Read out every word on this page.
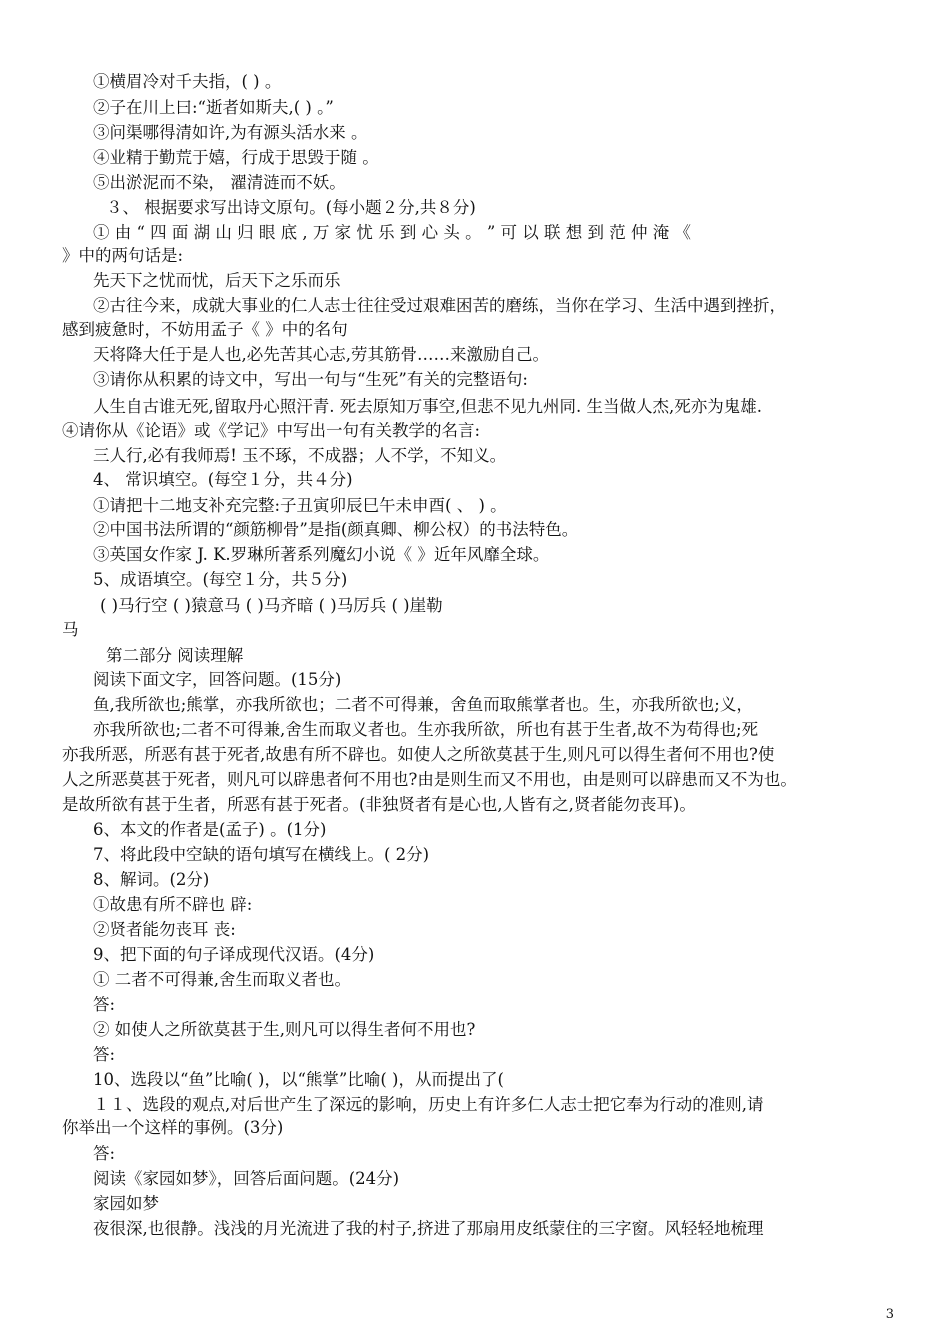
①横眉冷对千夫指，( ) 。
②子在川上曰:“逝者如斯夫,( ) 。”
③问渠哪得清如许,为有源头活水来 。
④业精于勤荒于嬉，行成于思毁于随 。
⑤出淤泥而不染， 濯清涟而不妖。
３、 根据要求写出诗文原句。(每小题２分,共８分)
① 由 “ 四 面 湖 山 归 眼 底 , 万 家 忧 乐 到 心 头 。 ” 可 以 联 想 到 范 仲 淹 《
》中的两句话是:
先天下之忧而忧，后天下之乐而乐
②古往今来，成就大事业的仁人志士往往受过艰难困苦的磨练，当你在学习、生活中遇到挫折，
感到疲惫时，不妨用孟子《 》中的名句
天将降大任于是人也,必先苦其心志,劳其筋骨……来激励自己。
③请你从积累的诗文中，写出一句与“生死”有关的完整语句:
人生自古谁无死,留取丹心照汗青. 死去原知万事空,但悲不见九州同. 生当做人杰,死亦为鬼雄.
④请你从《论语》或《学记》中写出一句有关教学的名言:
三人行,必有我师焉! 玉不琢，不成器；人不学，不知义。
4、 常识填空。(每空１分，共４分)
①请把十二地支补充完整:子丑寅卯辰巳午未申酉( 、 ) 。
②中国书法所谓的“颜筋柳骨”是指(颜真卿、柳公权）的书法特色。
③英国女作家 J. K.罗琳所著系列魔幻小说《 》近年风靡全球。
5、成语填空。(每空１分，共５分)
( )马行空 ( )猿意马 ( )马齐暗 ( )马厉兵 ( )崖勒
马
第二部分 阅读理解
阅读下面文字，回答问题。(15分)
鱼,我所欲也;熊掌，亦我所欲也；二者不可得兼，舍鱼而取熊掌者也。生，亦我所欲也;义，
亦我所欲也;二者不可得兼,舍生而取义者也。生亦我所欲，所也有甚于生者,故不为苟得也;死
亦我所恶，所恶有甚于死者,故患有所不辟也。如使人之所欲莫甚于生,则凡可以得生者何不用也?使
人之所恶莫甚于死者，则凡可以辟患者何不用也?由是则生而又不用也，由是则可以辟患而又不为也。
是故所欲有甚于生者，所恶有甚于死者。(非独贤者有是心也,人皆有之,贤者能勿丧耳)。
6、本文的作者是(孟子) 。(1分)
7、将此段中空缺的语句填写在横线上。( 2分)
8、解词。(2分)
①故患有所不辟也 辟:
②贤者能勿丧耳 丧:
9、把下面的句子译成现代汉语。(4分)
① 二者不可得兼,舍生而取义者也。
答:
② 如使人之所欲莫甚于生,则凡可以得生者何不用也?
答:
10、选段以“鱼”比喻( )，以“熊掌”比喻( )，从而提出了(
１１、选段的观点,对后世产生了深远的影响，历史上有许多仁人志士把它奉为行动的准则,请
你举出一个这样的事例。(3分)
答:
阅读《家园如梦》，回答后面问题。(24分)
家园如梦
夜很深,也很静。浅浅的月光流进了我的村子,挤进了那扇用皮纸蒙住的三字窗。风轻轻地梳理
3
